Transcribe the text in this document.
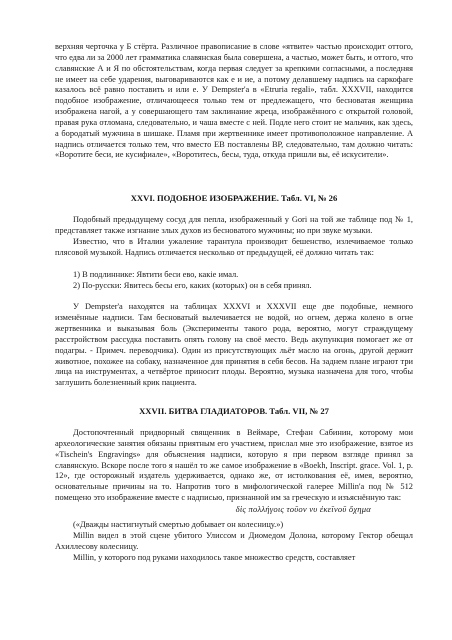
верхняя черточка у Б стёрта. Различное правописание в слове «ятвите» частью происходит оттого, что едва ли за 2000 лет грамматика славянская была совершена, а частью, может быть, и оттого, что славянские А и Я по обстоятельствам, когда первая следует за крепкими согласными, а последняя не имеет на себе ударения, выговариваются как е и ие, а потому делавшему надпись на саркофаге казалось всё равно поставить и или е. У Dempster'а в «Etruria regali», табл. XXXVII, находится подобное изображение, отличающееся только тем от предлежащего, что бесноватая женщина изображена нагой, а у совершающего там заклинание жреца, изображённого с открытой головой, правая рука отломана, следовательно, и чаша вместе с ней. Подле него стоит не мальчик, как здесь, а бородатый мужчина в шишаке. Пламя при жертвеннике имеет противоположное направление. А надпись отличается только тем, что вместо ЕВ поставлены ВР, следовательно, там должно читать: «Воротите беси, ие кусифиале», «Воротитесь, бесы, туда, откуда пришли вы, её искусители».

XXVI. ПОДОБНОЕ ИЗОБРАЖЕНИЕ. Табл. VI, № 26

Подобный предыдущему сосуд для пепла, изображенный у Gori на той же таблице под № 1, представляет также изгнание злых духов из бесноватого мужчины; но при звуке музыки.

Известно, что в Италии ужаление тарантула производит бешенство, излечиваемое только плясовой музыкой. Надпись отличается несколько от предыдущей, её должно читать так:

1) В подлиннике: Явтити беси ево, какiе имал.

2) По-русски: Явитесь бесы его, каких (которых) он в себя принял.

У Dempster'а находятся на таблицах XXXVI и XXXVII еще две подобные, немного изменённые надписи. Там бесноватый вылечивается не водой, но огнем, держа колено в огне жертвенника и выказывая боль (Эксперименты такого рода, вероятно, могут страждущему расстройством рассудка поставить опять голову на своё место. Ведь акупункция помогает же от подагры. - Примеч. переводчика). Один из присутствующих льёт масло на огонь, другой держит животное, похожее на собаку, назначенное для принятия в себя бесов. На заднем плане играют три лица на инструментах, а четвёртое приносит плоды. Вероятно, музыка назначена для того, чтобы заглушить болезненный крик пациента.

XXVII. БИТВА ГЛАДИАТОРОВ. Табл. VII, № 27

Достопочтенный придворный священник в Веймаре, Стефан Сабинин, которому мои археологические занятия обязаны приятным его участием, прислал мне это изображение, взятое из «Tischein's Engravings» для объяснения надписи, которую я при первом взгляде принял за славянскую. Вскоре после того я нашёл то же самое изображение в «Boekh, Inscript. grace. Vol. 1, р. 12», где осторожный издатель удерживается, однако же, от истолкования её, имея, вероятно, основательные причины на то. Напротив того в мифологической галерее Millin'а под № 512 помещено это изображение вместе с надписью, признанной им за греческую и изъяснённую так:

δὶς πολλήγοις τοῦον νυ ἐκεῖνοῦ ὄχημα

(«Дважды настигнутый смертью добывает он колесницу.»)

Millin видел в этой сцене убитого Улиссом и Диомедом Долона, которому Гектор обещал Ахиллесову колесницу.

Millin, у которого под руками находилось такое множество средств, составляет
